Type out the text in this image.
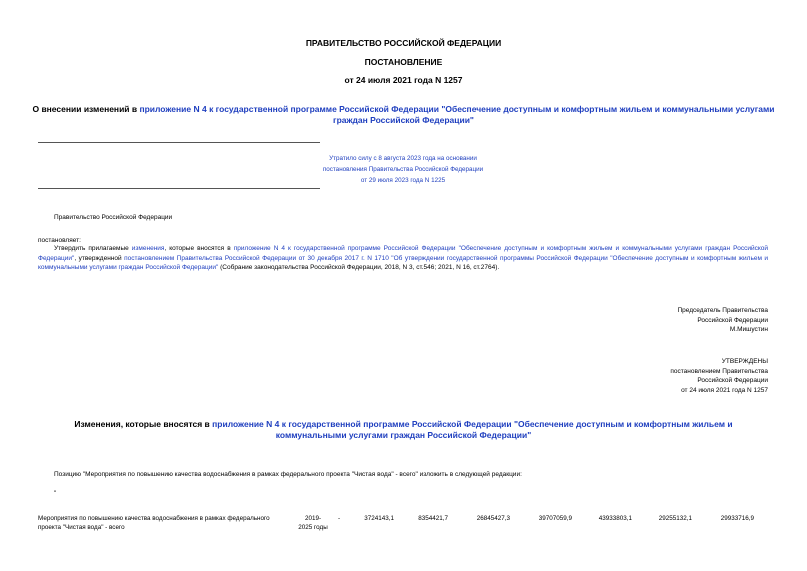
ПРАВИТЕЛЬСТВО РОССИЙСКОЙ ФЕДЕРАЦИИ
ПОСТАНОВЛЕНИЕ
от 24 июля 2021 года N 1257
О внесении изменений в приложение N 4 к государственной программе Российской Федерации "Обеспечение доступным и комфортным жильем и коммунальными услугами граждан Российской Федерации"
Утратило силу с 8 августа 2023 года на основании
постановления Правительства Российской Федерации
от 29 июля 2023 года N 1225
Правительство Российской Федерации
постановляет:
Утвердить прилагаемые изменения, которые вносятся в приложение N 4 к государственной программе Российской Федерации "Обеспечение доступным и комфортным жильем и коммунальными услугами граждан Российской Федерации", утвержденной постановлением Правительства Российской Федерации от 30 декабря 2017 г. N 1710 "Об утверждении государственной программы Российской Федерации "Обеспечение доступным и комфортным жильем и коммунальными услугами граждан Российской Федерации" (Собрание законодательства Российской Федерации, 2018, N 3, ст.546; 2021, N 16, ст.2764).
Председатель Правительства
Российской Федерации
М.Мишустин
УТВЕРЖДЕНЫ
постановлением Правительства
Российской Федерации
от 24 июля 2021 года N 1257
Изменения, которые вносятся в приложение N 4 к государственной программе Российской Федерации "Обеспечение доступным и комфортным жильем и коммунальными услугами граждан Российской Федерации"
Позицию "Мероприятия по повышению качества водоснабжения в рамках федерального проекта "Чистая вода" - всего" изложить в следующей редакции:
"
Мероприятия по повышению качества водоснабжения в рамках федерального проекта "Чистая вода" - всего
2019-
2025 годы
-	3724143,1	8354421,7	26845427,3	39707059,9	43933803,1	29255132,1	29933716,9
